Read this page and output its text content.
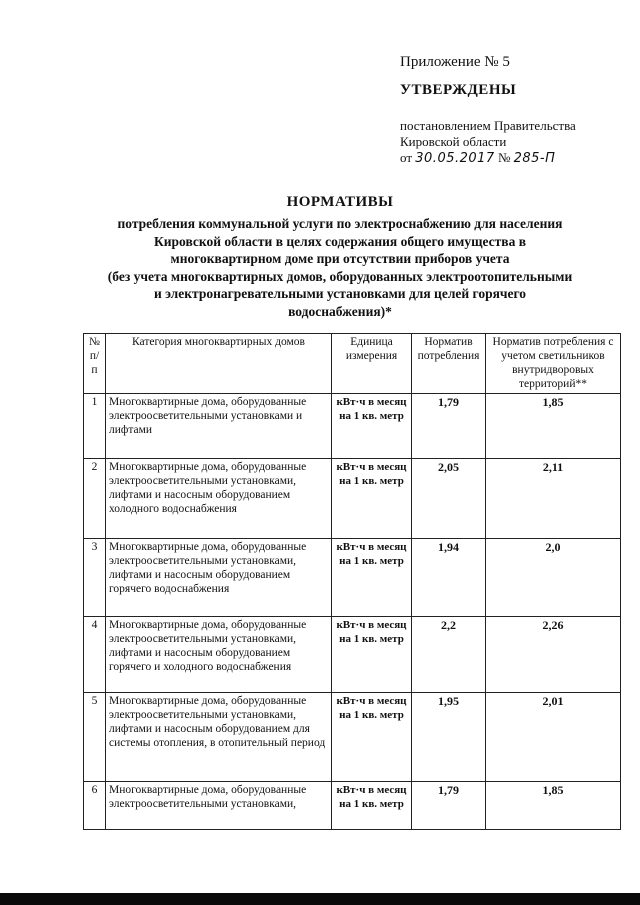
Приложение № 5
УТВЕРЖДЕНЫ
постановлением Правительства
Кировской области
от 30.05.2017 № 285-П
НОРМАТИВЫ
потребления коммунальной услуги по электроснабжению для населения
Кировской области в целях содержания общего имущества в
многоквартирном доме при отсутствии приборов учета
(без учета многоквартирных домов, оборудованных электроотопительными
и электронагревательными установками для целей горячего
водоснабжения)*
№ п/п	Категория многоквартирных домов	Единица измерения	Норматив потребления	Норматив потребления с учетом светильников внутридворовых территорий**
1	Многоквартирные дома, оборудованные электроосветительными установками и лифтами	кВт·ч в месяц на 1 кв. метр	1,79	1,85
2	Многоквартирные дома, оборудованные электроосветительными установками, лифтами и насосным оборудованием холодного водоснабжения	кВт·ч в месяц на 1 кв. метр	2,05	2,11
3	Многоквартирные дома, оборудованные электроосветительными установками, лифтами и насосным оборудованием горячего водоснабжения	кВт·ч в месяц на 1 кв. метр	1,94	2,0
4	Многоквартирные дома, оборудованные электроосветительными установками, лифтами и насосным оборудованием горячего и холодного водоснабжения	кВт·ч в месяц на 1 кв. метр	2,2	2,26
5	Многоквартирные дома, оборудованные электроосветительными установками, лифтами и насосным оборудованием для системы отопления, в отопительный период	кВт·ч в месяц на 1 кв. метр	1,95	2,01
6	Многоквартирные дома, оборудованные электроосветительными установками,	кВт·ч в месяц на 1 кв. метр	1,79	1,85
